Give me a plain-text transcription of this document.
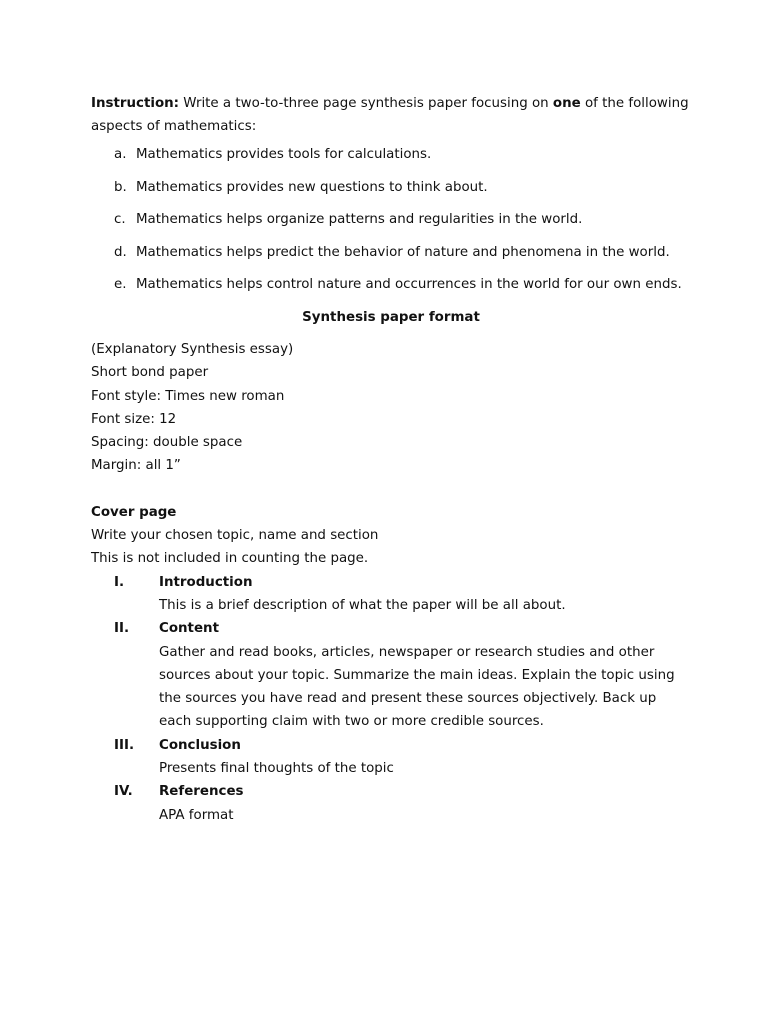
Instruction: Write a two-to-three page synthesis paper focusing on one of the following aspects of mathematics:

a. Mathematics provides tools for calculations.
b. Mathematics provides new questions to think about.
c. Mathematics helps organize patterns and regularities in the world.
d. Mathematics helps predict the behavior of nature and phenomena in the world.
e. Mathematics helps control nature and occurrences in the world for our own ends.
Synthesis paper format
(Explanatory Synthesis essay)
Short bond paper
Font style: Times new roman
Font size: 12
Spacing: double space
Margin: all 1”
Cover page
Write your chosen topic, name and section
This is not included in counting the page.
I.	Introduction
This is a brief description of what the paper will be all about.
II.	Content
Gather and read books, articles, newspaper or research studies and other sources about your topic. Summarize the main ideas. Explain the topic using the sources you have read and present these sources objectively. Back up each supporting claim with two or more credible sources.
III.	Conclusion
Presents final thoughts of the topic
IV.	References
APA format
